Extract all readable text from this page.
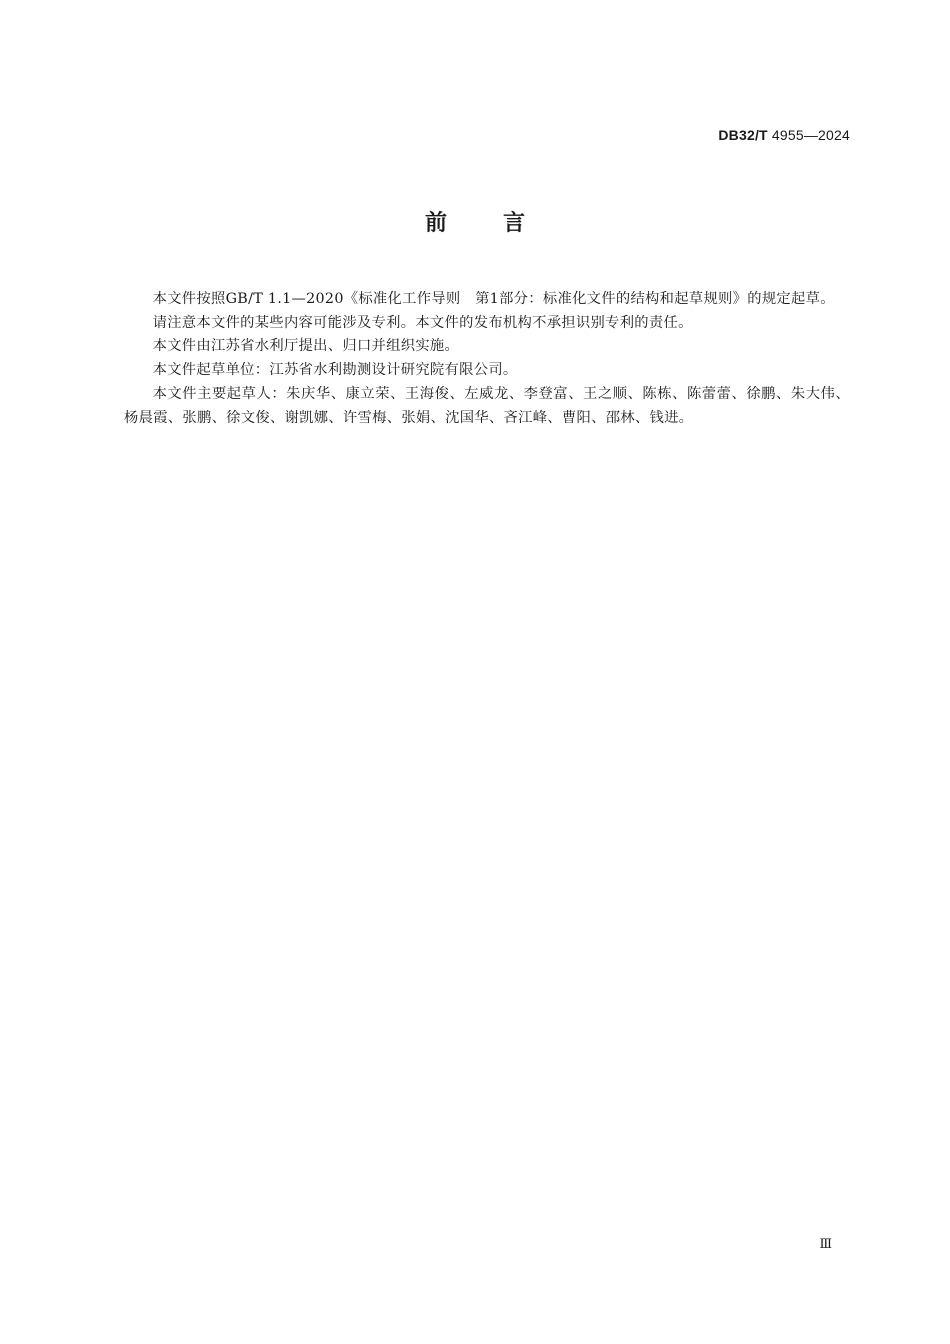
DB32/T 4955—2024
前言

本文件按照GB/T 1.1—2020《标准化工作导则　第1部分：标准化文件的结构和起草规则》的规定起草。

请注意本文件的某些内容可能涉及专利。本文件的发布机构不承担识别专利的责任。

本文件由江苏省水利厅提出、归口并组织实施。

本文件起草单位：江苏省水利勘测设计研究院有限公司。

本文件主要起草人：朱庆华、康立荣、王海俊、左威龙、李登富、王之顺、陈栋、陈蕾蕾、徐鹏、朱大伟、杨晨霞、张鹏、徐文俊、谢凯娜、许雪梅、张娟、沈国华、吝江峰、曹阳、邵林、钱进。

Ⅲ
